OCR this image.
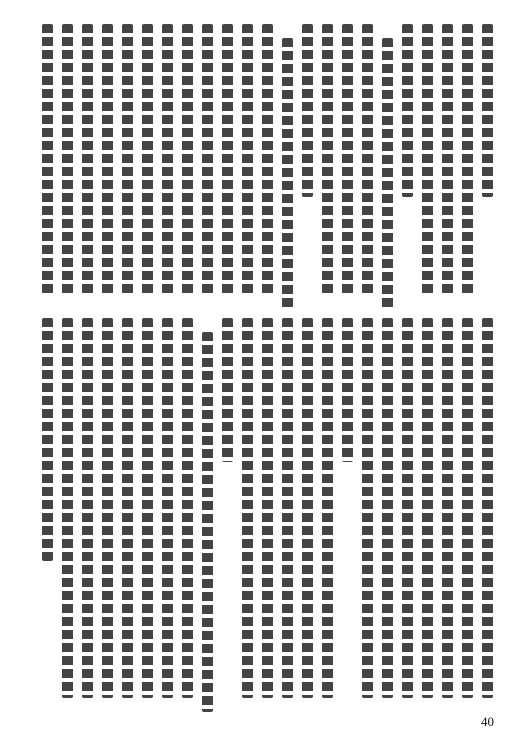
40
